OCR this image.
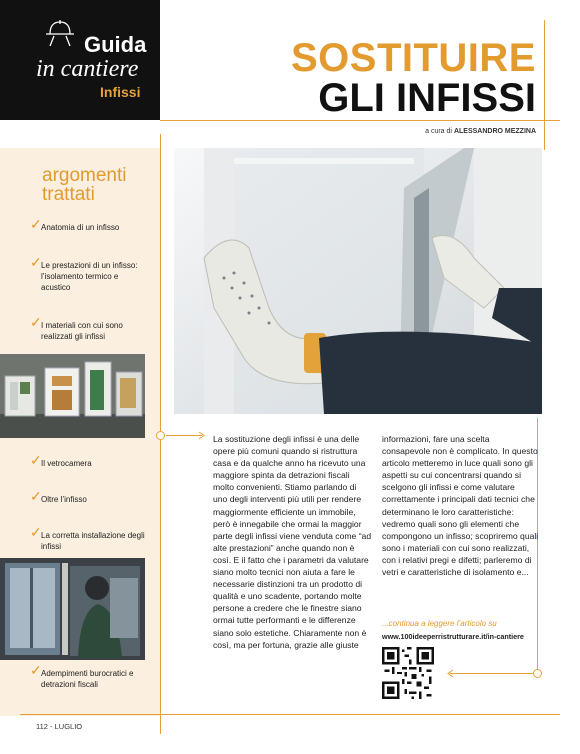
Guida
in cantiere
Infissi
SOSTITUIRE
GLI INFISSI
a cura di ALESSANDRO MEZZINA
argomenti trattati
✓ Anatomia di un infisso
✓ Le prestazioni di un infisso: l’isolamento termico e acustico
✓ I materiali con cui sono realizzati gli infissi
✓ Il vetrocamera
✓ Oltre l’infisso
✓ La corretta installazione degli infissi
✓ Adempimenti burocratici e detrazioni fiscali
La sostituzione degli infissi è una delle opere più comuni quando si ristruttura casa e da qualche anno ha ricevuto una maggiore spinta da detrazioni fiscali molto convenienti. Stiamo parlando di uno degli interventi più utili per rendere maggiormente efficiente un immobile, però è innegabile che ormai la maggior parte degli infissi viene venduta come “ad alte prestazioni” anche quando non è così. E il fatto che i parametri da valutare siano molto tecnici non aiuta a fare le necessarie distinzioni tra un prodotto di qualità e uno scadente, portando molte persone a credere che le finestre siano ormai tutte performanti e le differenze siano solo estetiche. Chiaramente non è così, ma per fortuna, grazie alle giuste
informazioni, fare una scelta consapevole non è complicato. In questo articolo metteremo in luce quali sono gli aspetti su cui concentrarsi quando si scelgono gli infissi e come valutare correttamente i principali dati tecnici che determinano le loro caratteristiche: vedremo quali sono gli elementi che compongono un infisso; scopriremo quali sono i materiali con cui sono realizzati, con i relativi pregi e difetti; parleremo di vetri e caratteristiche di isolamento e...
...continua a leggere l’articolo su
www.100ideeperristrutturare.it/in-cantiere
112 - LUGLIO
